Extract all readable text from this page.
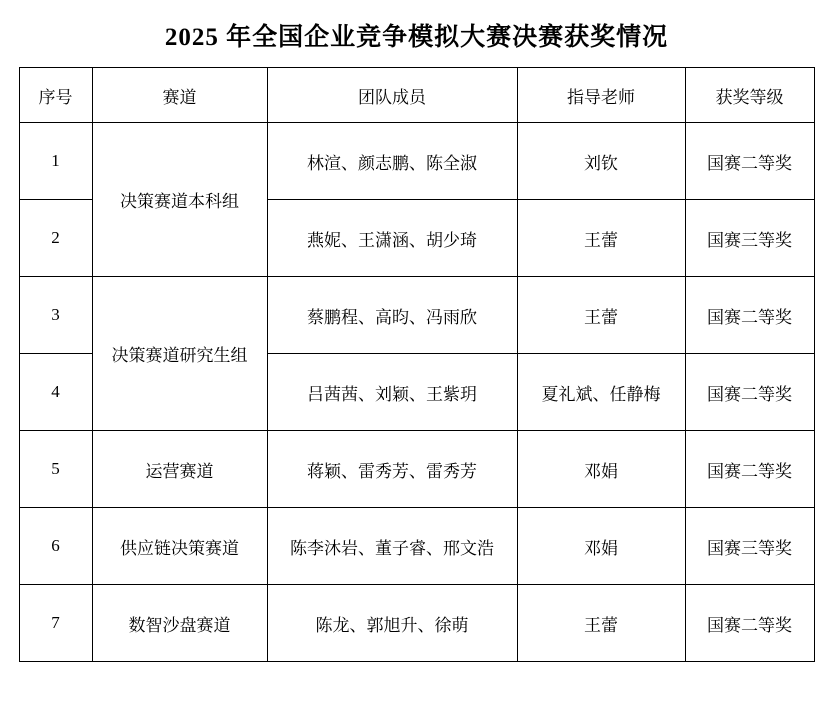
2025 年全国企业竞争模拟大赛决赛获奖情况
序号	赛道	团队成员	指导老师	获奖等级
1	决策赛道本科组	林渲、颜志鹏、陈全淑	刘钦	国赛二等奖
2		燕妮、王潇涵、胡少琦	王蕾	国赛三等奖
3	决策赛道研究生组	蔡鹏程、高昀、冯雨欣	王蕾	国赛二等奖
4		吕茜茜、刘颖、王紫玥	夏礼斌、任静梅	国赛二等奖
5	运营赛道	蒋颖、雷秀芳、雷秀芳	邓娟	国赛二等奖
6	供应链决策赛道	陈李沐岩、董子睿、邢文浩	邓娟	国赛三等奖
7	数智沙盘赛道	陈龙、郭旭升、徐萌	王蕾	国赛二等奖
